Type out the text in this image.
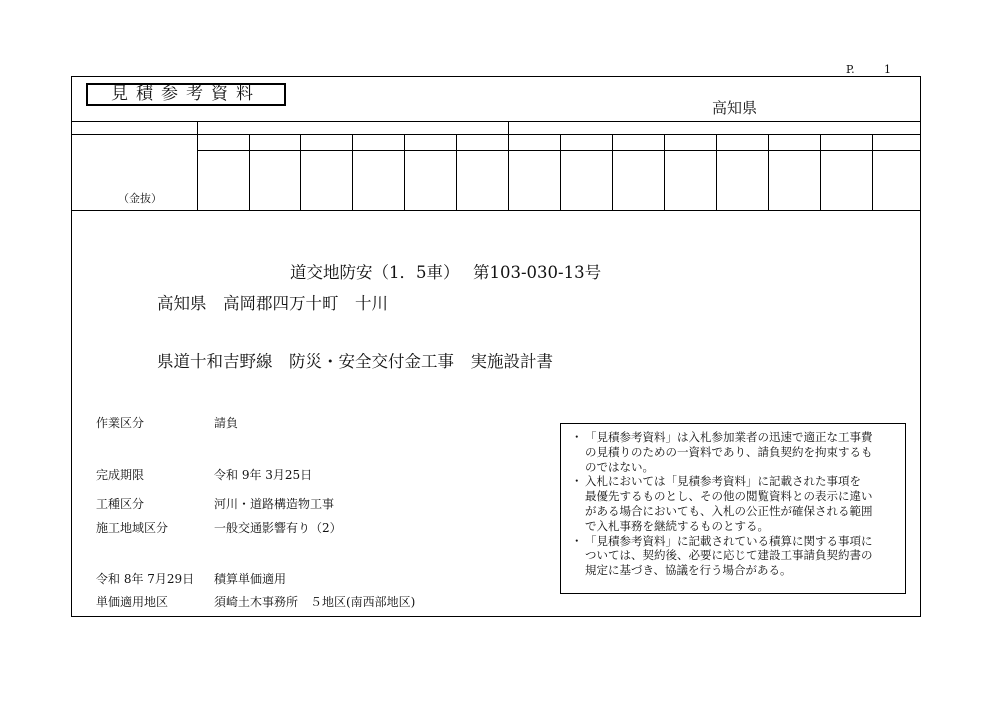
P.	1
見積参考資料
高知県
（金抜）
道交地防安（1．5車）　 第103-030-13号
高知県　高岡郡四万十町　十川
県道十和吉野線　防災・安全交付金工事　実施設計書
作業区分	請負
完成期限	令和 9年 3月25日
工種区分	河川・道路構造物工事
施工地域区分	一般交通影響有り（2）
令和 8年 7月29日 積算単価適用
単価適用地区	須崎土木事務所　５地区(南西部地区)
・ 「見積参考資料」は入札参加業者の迅速で適正な工事費
の見積りのための一資料であり、請負契約を拘束するも
のではない。
・ 入札においては「見積参考資料」に記載された事項を
最優先するものとし、その他の閲覧資料との表示に違い
がある場合においても、入札の公正性が確保される範囲
で入札事務を継続するものとする。
・ 「見積参考資料」に記載されている積算に関する事項に
ついては、契約後、必要に応じて建設工事請負契約書の
規定に基づき、協議を行う場合がある。
